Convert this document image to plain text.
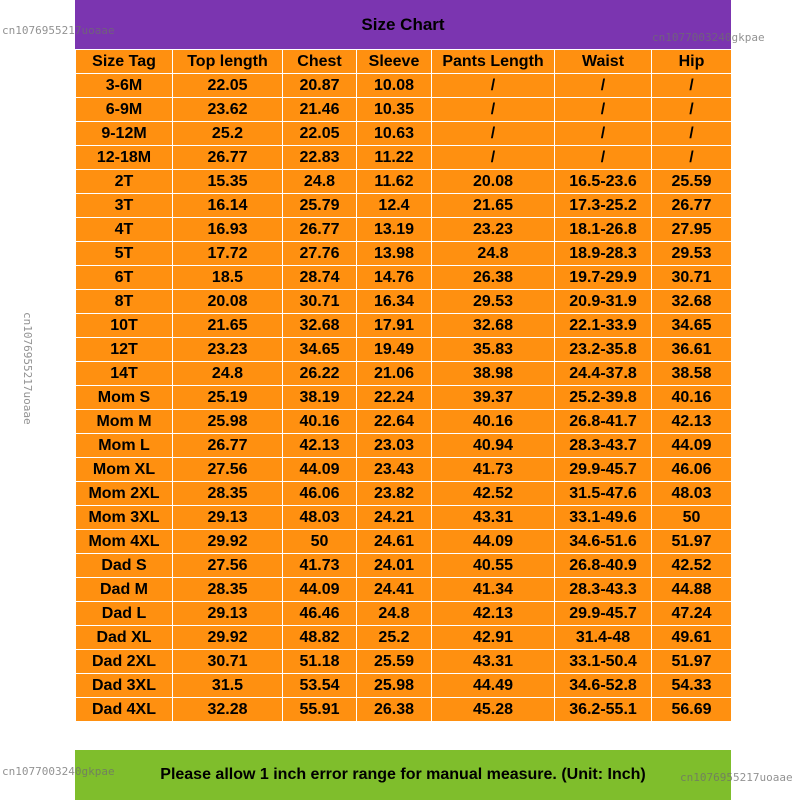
Size Chart
Size Tag	Top length	Chest	Sleeve	Pants Length	Waist	Hip
3-6M	22.05	20.87	10.08	/	/	/
6-9M	23.62	21.46	10.35	/	/	/
9-12M	25.2	22.05	10.63	/	/	/
12-18M	26.77	22.83	11.22	/	/	/
2T	15.35	24.8	11.62	20.08	16.5-23.6	25.59
3T	16.14	25.79	12.4	21.65	17.3-25.2	26.77
4T	16.93	26.77	13.19	23.23	18.1-26.8	27.95
5T	17.72	27.76	13.98	24.8	18.9-28.3	29.53
6T	18.5	28.74	14.76	26.38	19.7-29.9	30.71
8T	20.08	30.71	16.34	29.53	20.9-31.9	32.68
10T	21.65	32.68	17.91	32.68	22.1-33.9	34.65
12T	23.23	34.65	19.49	35.83	23.2-35.8	36.61
14T	24.8	26.22	21.06	38.98	24.4-37.8	38.58
Mom S	25.19	38.19	22.24	39.37	25.2-39.8	40.16
Mom M	25.98	40.16	22.64	40.16	26.8-41.7	42.13
Mom L	26.77	42.13	23.03	40.94	28.3-43.7	44.09
Mom XL	27.56	44.09	23.43	41.73	29.9-45.7	46.06
Mom 2XL	28.35	46.06	23.82	42.52	31.5-47.6	48.03
Mom 3XL	29.13	48.03	24.21	43.31	33.1-49.6	50
Mom 4XL	29.92	50	24.61	44.09	34.6-51.6	51.97
Dad S	27.56	41.73	24.01	40.55	26.8-40.9	42.52
Dad M	28.35	44.09	24.41	41.34	28.3-43.3	44.88
Dad L	29.13	46.46	24.8	42.13	29.9-45.7	47.24
Dad XL	29.92	48.82	25.2	42.91	31.4-48	49.61
Dad 2XL	30.71	51.18	25.59	43.31	33.1-50.4	51.97
Dad 3XL	31.5	53.54	25.98	44.49	34.6-52.8	54.33
Dad 4XL	32.28	55.91	26.38	45.28	36.2-55.1	56.69
Please allow 1 inch error range for manual measure. (Unit: Inch)
cn1076955217uoaae
cn1077003240gkpae
cn1076955217uoaae
cn1077003240gkpae	cn1076955217uoaae
